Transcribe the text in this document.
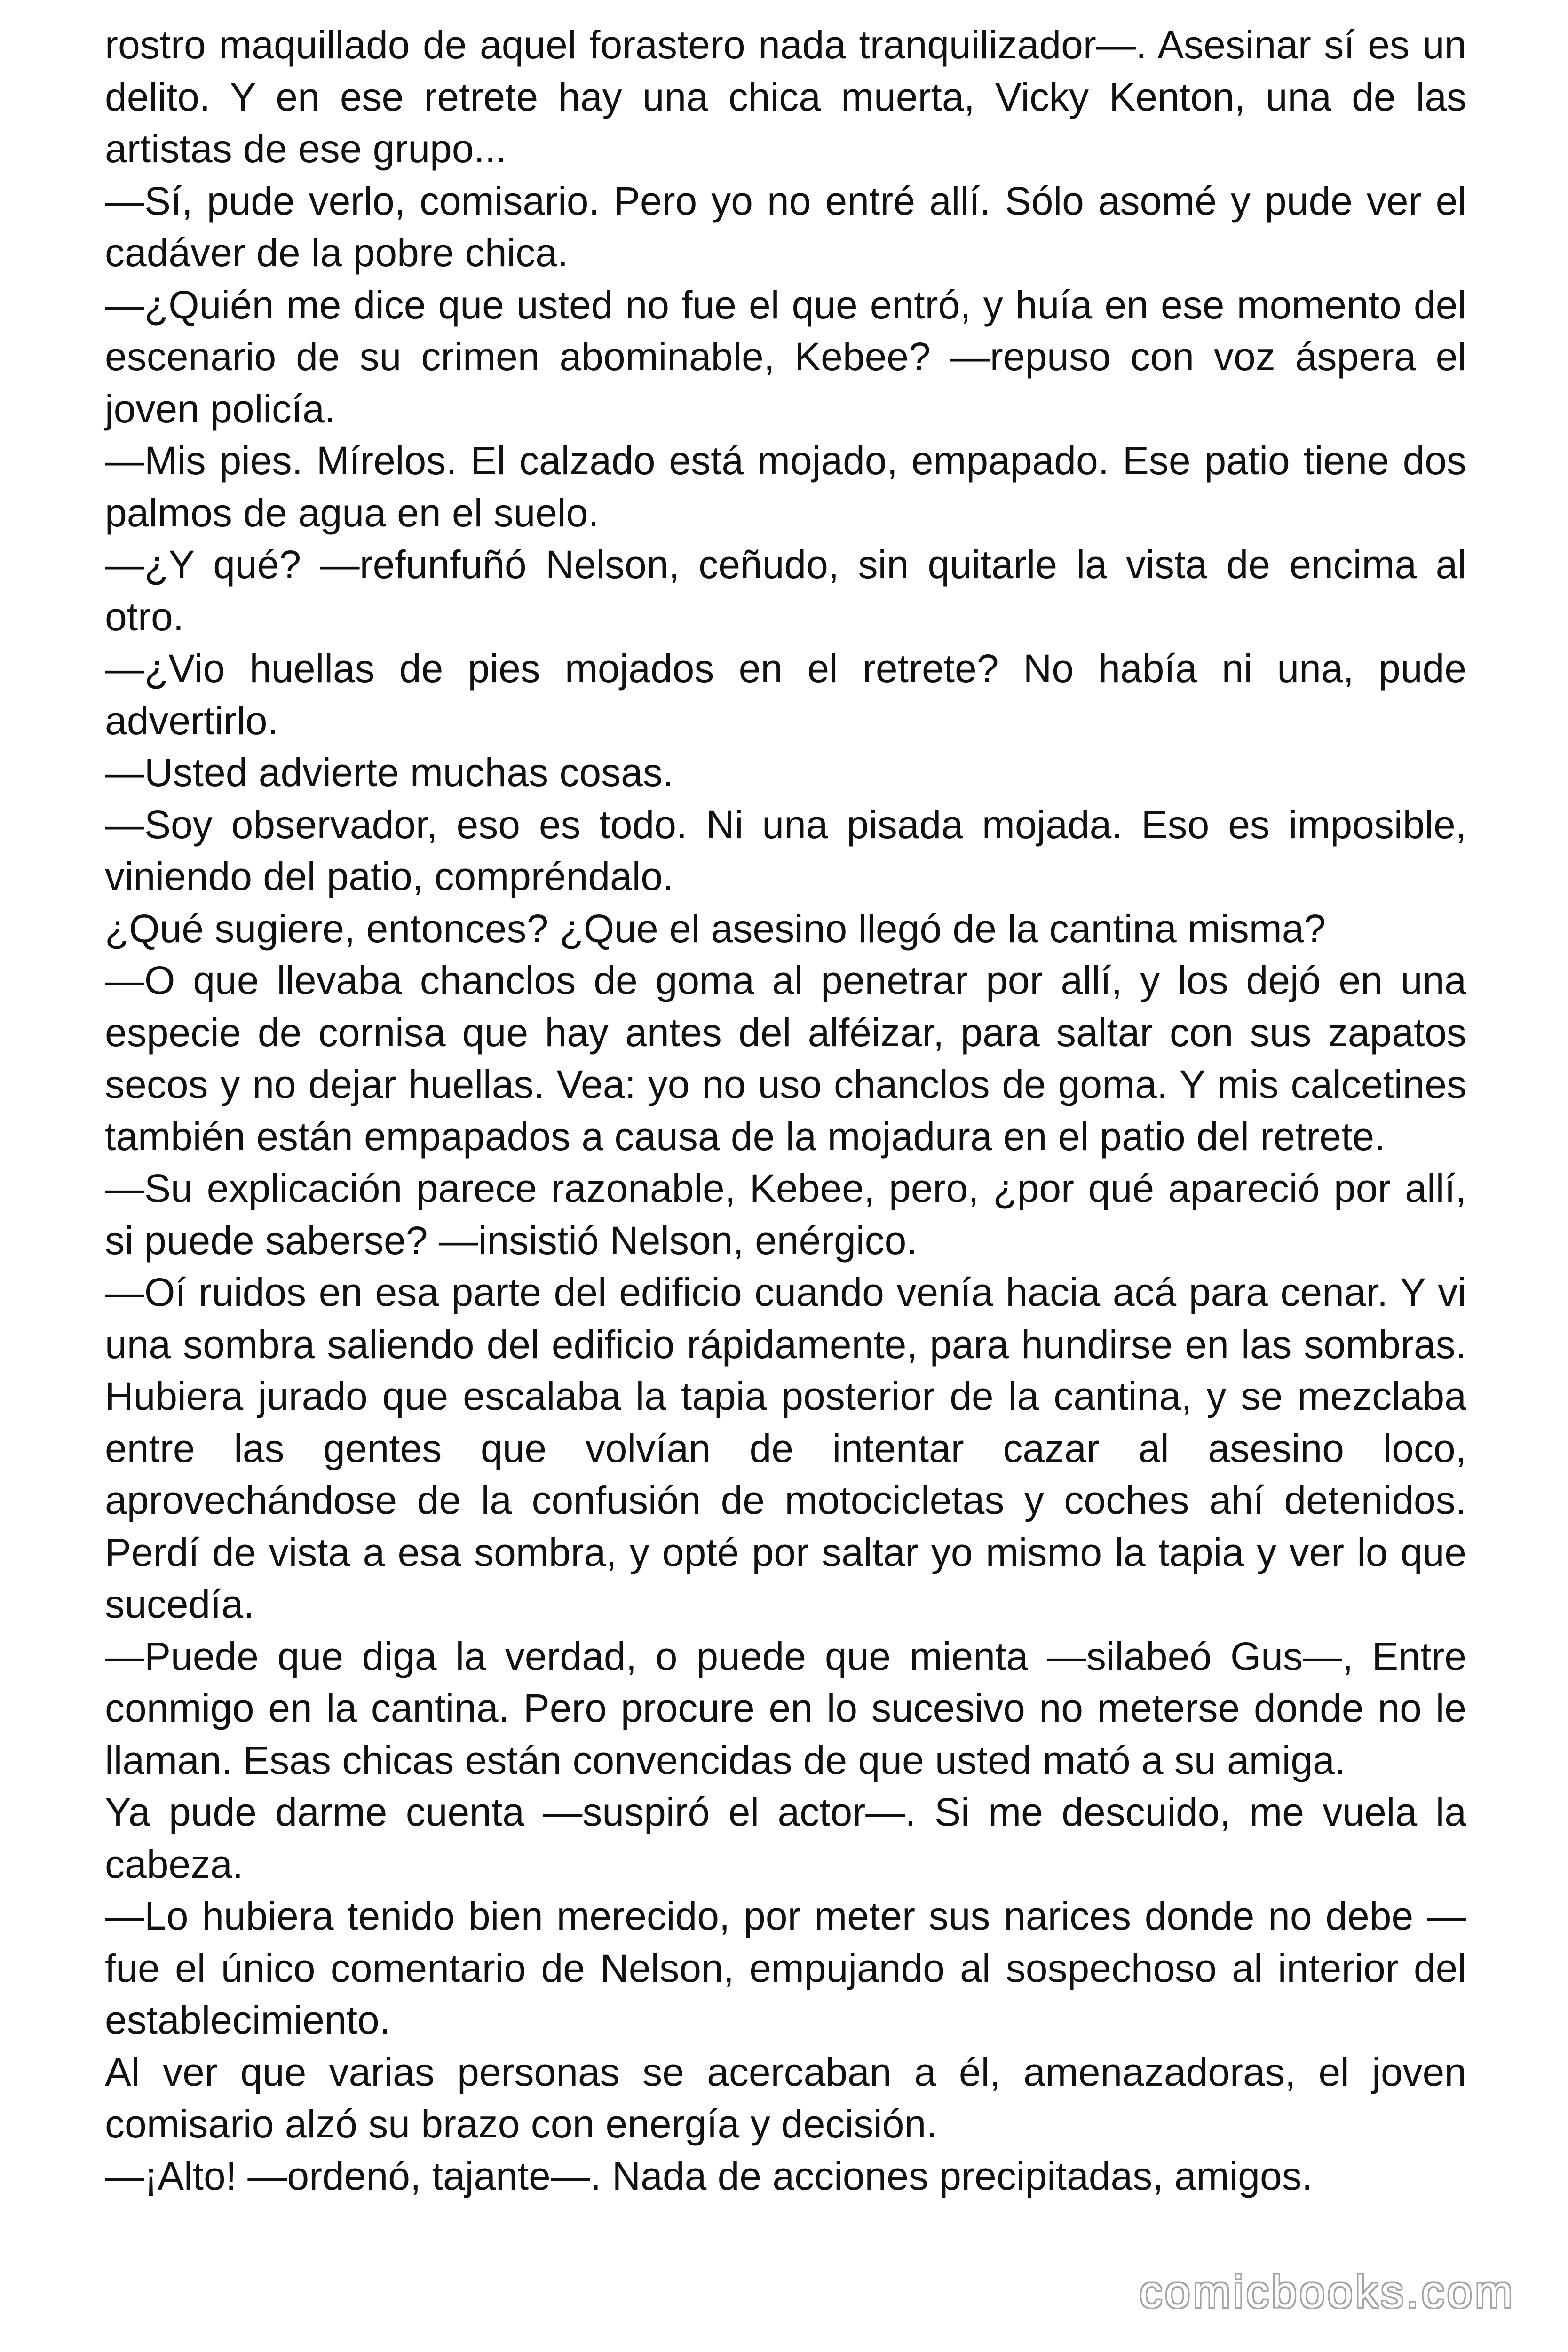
rostro maquillado de aquel forastero nada tranquilizador—. Asesinar sí es un delito. Y en ese retrete hay una chica muerta, Vicky Kenton, una de las artistas de ese grupo...

—Sí, pude verlo, comisario. Pero yo no entré allí. Sólo asomé y pude ver el cadáver de la pobre chica.

—¿Quién me dice que usted no fue el que entró, y huía en ese momento del escenario de su crimen abominable, Kebee? —repuso con voz áspera el joven policía.

—Mis pies. Mírelos. El calzado está mojado, empapado. Ese patio tiene dos palmos de agua en el suelo.

—¿Y qué? —refunfuñó Nelson, ceñudo, sin quitarle la vista de encima al otro.

—¿Vio huellas de pies mojados en el retrete? No había ni una, pude advertirlo.

—Usted advierte muchas cosas.

—Soy observador, eso es todo. Ni una pisada mojada. Eso es imposible, viniendo del patio, compréndalo.

¿Qué sugiere, entonces? ¿Que el asesino llegó de la cantina misma?

—O que llevaba chanclos de goma al penetrar por allí, y los dejó en una especie de cornisa que hay antes del alféizar, para saltar con sus zapatos secos y no dejar huellas. Vea: yo no uso chanclos de goma. Y mis calcetines también están empapados a causa de la mojadura en el patio del retrete.

—Su explicación parece razonable, Kebee, pero, ¿por qué apareció por allí, si puede saberse? —insistió Nelson, enérgico.

—Oí ruidos en esa parte del edificio cuando venía hacia acá para cenar. Y vi una sombra saliendo del edificio rápidamente, para hundirse en las sombras. Hubiera jurado que escalaba la tapia posterior de la cantina, y se mezclaba entre las gentes que volvían de intentar cazar al asesino loco, aprovechándose de la confusión de motocicletas y coches ahí detenidos. Perdí de vista a esa sombra, y opté por saltar yo mismo la tapia y ver lo que sucedía.

—Puede que diga la verdad, o puede que mienta —silabeó Gus—, Entre conmigo en la cantina. Pero procure en lo sucesivo no meterse donde no le llaman. Esas chicas están convencidas de que usted mató a su amiga.

Ya pude darme cuenta —suspiró el actor—. Si me descuido, me vuela la cabeza.

—Lo hubiera tenido bien merecido, por meter sus narices donde no debe —fue el único comentario de Nelson, empujando al sospechoso al interior del establecimiento.

Al ver que varias personas se acercaban a él, amenazadoras, el joven comisario alzó su brazo con energía y decisión.

—¡Alto! —ordenó, tajante—. Nada de acciones precipitadas, amigos.

comicbooks.com
